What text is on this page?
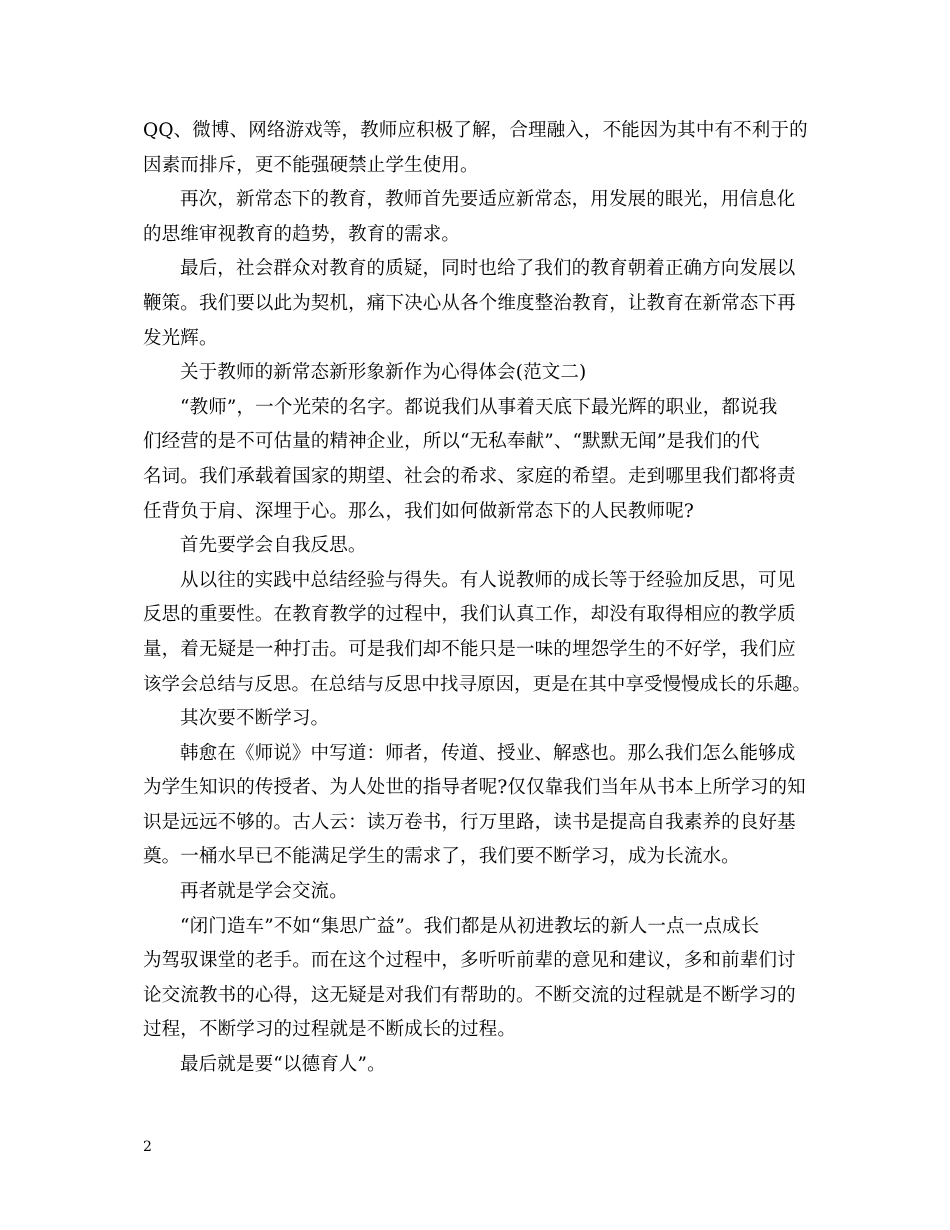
QQ、微博、网络游戏等，教师应积极了解，合理融入，不能因为其中有不利于的
因素而排斥，更不能强硬禁止学生使用。

再次，新常态下的教育，教师首先要适应新常态，用发展的眼光，用信息化
的思维审视教育的趋势，教育的需求。

最后，社会群众对教育的质疑，同时也给了我们的教育朝着正确方向发展以
鞭策。我们要以此为契机，痛下决心从各个维度整治教育，让教育在新常态下再
发光辉。

关于教师的新常态新形象新作为心得体会(范文二)

“教师”，一个光荣的名字。都说我们从事着天底下最光辉的职业，都说我
们经营的是不可估量的精神企业，所以“无私奉献”、“默默无闻”是我们的代
名词。我们承载着国家的期望、社会的希求、家庭的希望。走到哪里我们都将责
任背负于肩、深埋于心。那么，我们如何做新常态下的人民教师呢?

首先要学会自我反思。

从以往的实践中总结经验与得失。有人说教师的成长等于经验加反思，可见
反思的重要性。在教育教学的过程中，我们认真工作，却没有取得相应的教学质
量，着无疑是一种打击。可是我们却不能只是一味的埋怨学生的不好学，我们应
该学会总结与反思。在总结与反思中找寻原因，更是在其中享受慢慢成长的乐趣。

其次要不断学习。

韩愈在《师说》中写道：师者，传道、授业、解惑也。那么我们怎么能够成
为学生知识的传授者、为人处世的指导者呢?仅仅靠我们当年从书本上所学习的知
识是远远不够的。古人云：读万卷书，行万里路，读书是提高自我素养的良好基
奠。一桶水早已不能满足学生的需求了，我们要不断学习，成为长流水。

再者就是学会交流。

“闭门造车”不如“集思广益”。我们都是从初进教坛的新人一点一点成长
为驾驭课堂的老手。而在这个过程中，多听听前辈的意见和建议，多和前辈们讨
论交流教书的心得，这无疑是对我们有帮助的。不断交流的过程就是不断学习的
过程，不断学习的过程就是不断成长的过程。

最后就是要“以德育人”。

2
